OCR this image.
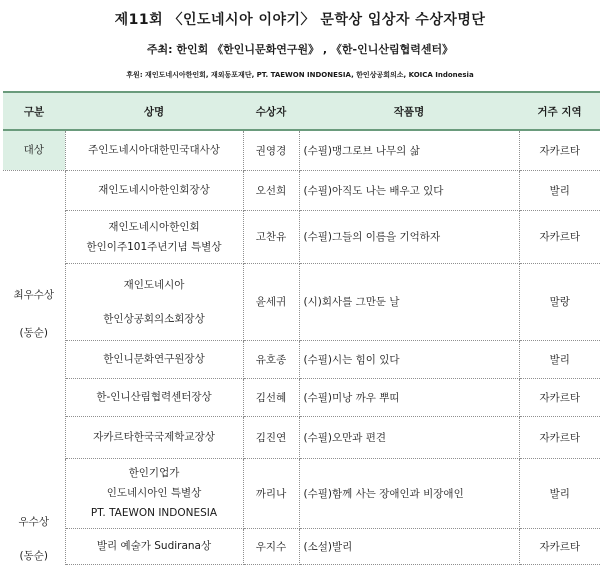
제11회 〈인도네시아 이야기〉 문학상 입상자 수상자명단
주최: 한인회 《한인니문화연구원》 , 《한-인니산림협력센터》
후원: 재인도네시아한인회, 재외동포재단, PT. TAEWON INDONESIA, 한인상공회의소, KOICA Indonesia
구분	상명	수상자	작품명	거주 지역

대상	주인도네시아대한민국대사상	권영경	(수필)맹그로브 나무의 삶	자카르타

최우수상
(동순)	재인도네시아한인회장상	오선희	(수필)아직도 나는 배우고 있다	발리

	재인도네시아한인회
한인이주101주년기념 특별상	고찬유	(수필)그들의 이름을 기억하자	자카르타

	재인도네시아
한인상공회의소회장상	윤세귀	(시)회사를 그만둔 날	말랑

	한인니문화연구원장상	유호종	(수필)시는 힘이 있다	발리

	한-인니산림협력센터장상	김선혜	(수필)미낭 까우 뿌띠	자카르타

	자카르타한국국제학교장상	김진연	(수필)오만과 편견	자카르타

우수상
(동순)	한인기업가
인도네시아인 특별상
PT. TAEWON INDONESIA	까리나	(수필)함께 사는 장애인과 비장애인	발리

	발리 예술가 Sudirana상	우지수	(소설)발리	자카르타
